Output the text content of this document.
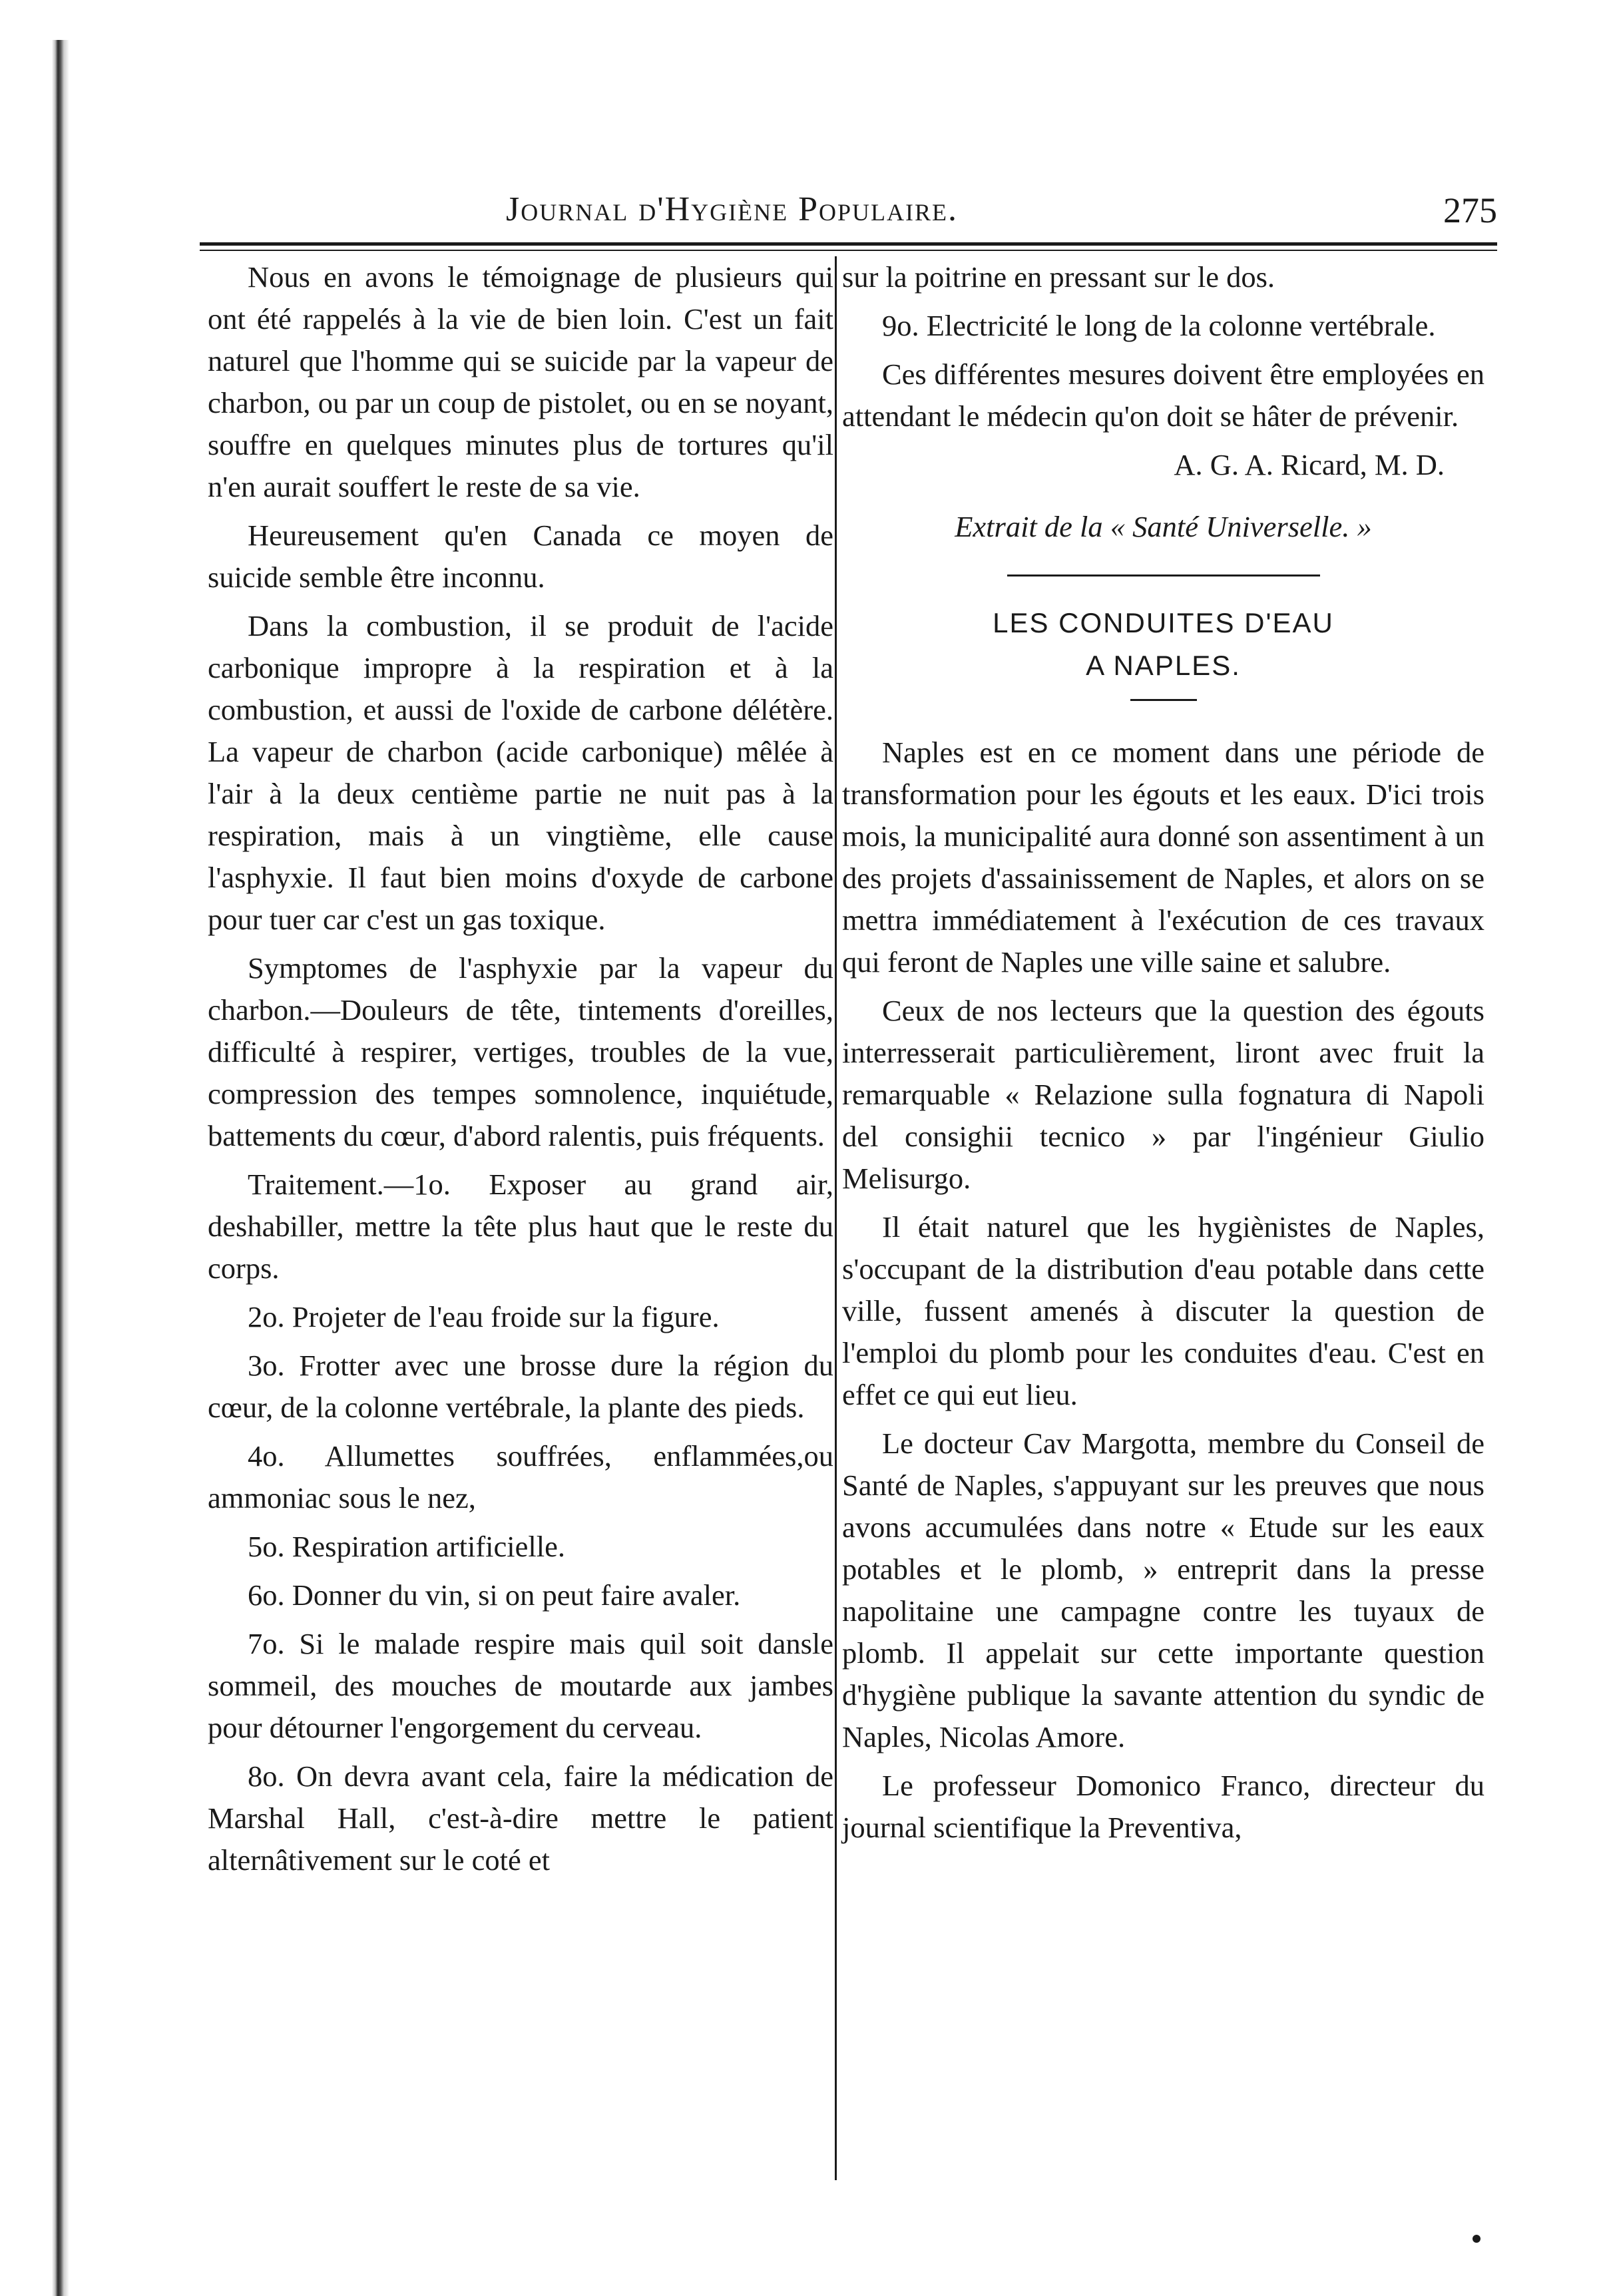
Journal d'Hygiène Populaire.	275

Nous en avons le témoignage de plusieurs qui ont été rappelés à la vie de bien loin. C'est un fait naturel que l'homme qui se suicide par la vapeur de charbon, ou par un coup de pistolet, ou en se noyant, souffre en quelques minutes plus de tortures qu'il n'en aurait souffert le reste de sa vie.

Heureusement qu'en Canada ce moyen de suicide semble être inconnu.

Dans la combustion, il se produit de l'acide carbonique impropre à la respiration et à la combustion, et aussi de l'oxide de carbone délétère. La vapeur de charbon (acide carbonique) mêlée à l'air à la deux centième partie ne nuit pas à la respiration, mais à un vingtième, elle cause l'asphyxie. Il faut bien moins d'oxyde de carbone pour tuer car c'est un gas toxique.

Symptomes de l'asphyxie par la vapeur du charbon.—Douleurs de tête, tintements d'oreilles, difficulté à respirer, vertiges, troubles de la vue, compression des tempes somnolence, inquiétude, battements du cœur, d'abord ralentis, puis fréquents.

Traitement.—1o. Exposer au grand air, deshabiller, mettre la tête plus haut que le reste du corps.

2o. Projeter de l'eau froide sur la figure.

3o. Frotter avec une brosse dure la région du cœur, de la colonne vertébrale, la plante des pieds.

4o. Allumettes souffrées, enflammées,ou ammoniac sous le nez,

5o. Respiration artificielle.

6o. Donner du vin, si on peut faire avaler.

7o. Si le malade respire mais quil soit dansle sommeil, des mouches de moutarde aux jambes pour détourner l'engorgement du cerveau.

8o. On devra avant cela, faire la médication de Marshal Hall, c'est-à-dire mettre le patient alternâtivement sur le coté et

sur la poitrine en pressant sur le dos.

9o. Electricité le long de la colonne vertébrale.

Ces différentes mesures doivent être employées en attendant le médecin qu'on doit se hâter de prévenir.

A. G. A. Ricard, M. D.

Extrait de la « Santé Universelle. »

LES CONDUITES D'EAU

A NAPLES.

Naples est en ce moment dans une période de transformation pour les égouts et les eaux. D'ici trois mois, la municipalité aura donné son assentiment à un des projets d'assainissement de Naples, et alors on se mettra immédiatement à l'exécution de ces travaux qui feront de Naples une ville saine et salubre.

Ceux de nos lecteurs que la question des égouts interresserait particulièrement, liront avec fruit la remarquable « Relazione sulla fognatura di Napoli del consighii tecnico » par l'ingénieur Giulio Melisurgo.

Il était naturel que les hygiènistes de Naples, s'occupant de la distribution d'eau potable dans cette ville, fussent amenés à discuter la question de l'emploi du plomb pour les conduites d'eau. C'est en effet ce qui eut lieu.

Le docteur Cav Margotta, membre du Conseil de Santé de Naples, s'appuyant sur les preuves que nous avons accumulées dans notre « Etude sur les eaux potables et le plomb, » entreprit dans la presse napolitaine une campagne contre les tuyaux de plomb. Il appelait sur cette importante question d'hygiène publique la savante attention du syndic de Naples, Nicolas Amore.

Le professeur Domonico Franco, directeur du journal scientifique la Preventiva,
